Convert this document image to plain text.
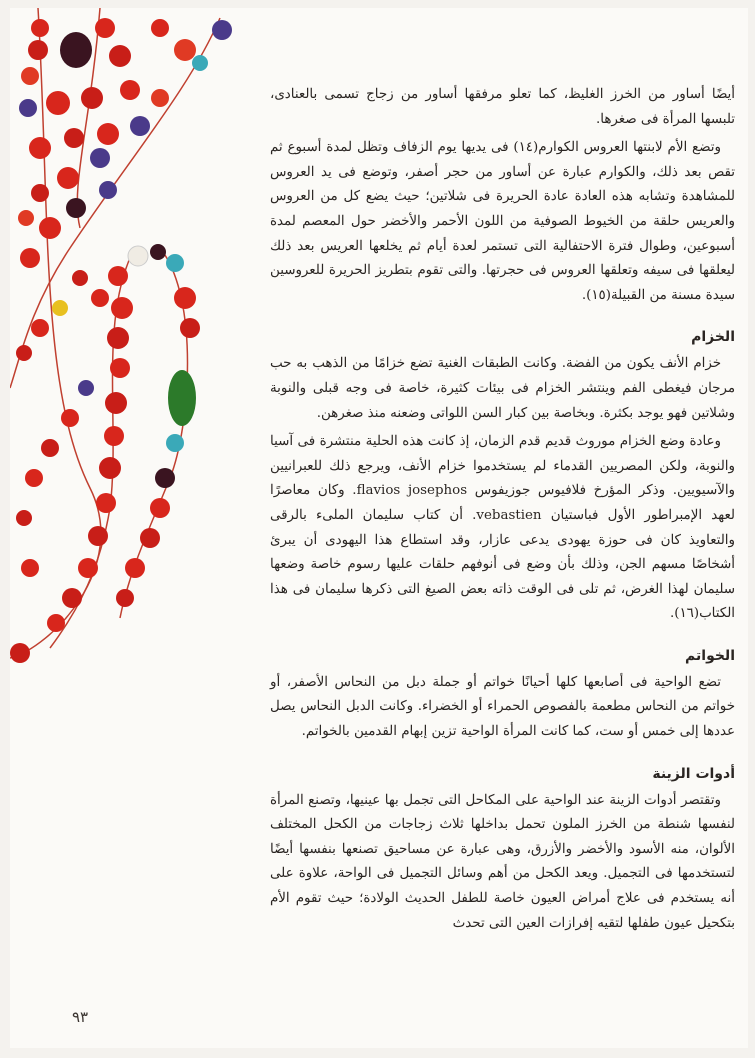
أيضًا أساور من الخرز الغليظ، كما تعلو مرفقها أساور من زجاج تسمى بالعنادى، تلبسها المرأة فى صغرها.

وتضع الأم لابنتها العروس الكوارم(١٤) فى يديها يوم الزفاف وتظل لمدة أسبوع ثم تقص بعد ذلك، والكوارم عبارة عن أساور من حجر أصفر، وتوضع فى يد العروس للمشاهدة وتشابه هذه العادة عادة الحريرة فى شلاتين؛ حيث يضع كل من العروس والعريس حلقة من الخيوط الصوفية من اللون الأحمر والأخضر حول المعصم لمدة أسبوعين، وطوال فترة الاحتفالية التى تستمر لعدة أيام ثم يخلعها العريس بعد ذلك ليعلقها فى سيفه وتعلقها العروس فى حجرتها. والتى تقوم بتطريز الحريرة للعروسين سيدة مسنة من القبيلة(١٥).

الخزام

خزام الأنف يكون من الفضة. وكانت الطبقات الغنية تضع خزامًا من الذهب به حب مرجان فيغطى الفم وينتشر الخزام فى بيئات كثيرة، خاصة فى وجه قبلى والنوبة وشلاتين فهو يوجد بكثرة. وبخاصة بين كبار السن اللواتى وضعنه منذ صغرهن.

وعادة وضع الخزام موروث قديم قدم الزمان، إذ كانت هذه الحلية منتشرة فى آسيا والنوبة، ولكن المصريين القدماء لم يستخدموا خزام الأنف، ويرجع ذلك للعبرانيين والآسيويين. وذكر المؤرخ فلافيوس جوزيفوس flavios josephos. وكان معاصرًا لعهد الإمبراطور الأول فباستيان vebastien. أن كتاب سليمان الملىء بالرقى والتعاويذ كان فى حوزة يهودى يدعى عازار، وقد استطاع هذا اليهودى أن يبرئ أشخاصًا مسهم الجن، وذلك بأن وضع فى أنوفهم حلقات عليها رسوم خاصة وضعها سليمان لهذا الغرض، ثم تلى فى الوقت ذاته بعض الصيغ التى ذكرها سليمان فى هذا الكتاب(١٦).

الخواتم

تضع الواحية فى أصابعها كلها أحيانًا خواتم أو جملة دبل من النحاس الأصفر، أو خواتم من النحاس مطعمة بالفصوص الحمراء أو الخضراء. وكانت الدبل النحاس يصل عددها إلى خمس أو ست، كما كانت المرأة الواحية تزين إبهام القدمين بالخواتم.

أدوات الزينة

وتقتصر أدوات الزينة عند الواحية على المكاحل التى تجمل بها عينيها، وتصنع المرأة لنفسها شنطة من الخرز الملون تحمل بداخلها ثلاث زجاجات من الكحل المختلف الألوان، منه الأسود والأخضر والأزرق، وهى عبارة عن مساحيق تصنعها بنفسها أيضًا لتستخدمها فى التجميل. ويعد الكحل من أهم وسائل التجميل فى الواحة، علاوة على أنه يستخدم فى علاج أمراض العيون خاصة للطفل الحديث الولادة؛ حيث تقوم الأم بتكحيل عيون طفلها لتقيه إفرازات العين التى تحدث

٩٣
